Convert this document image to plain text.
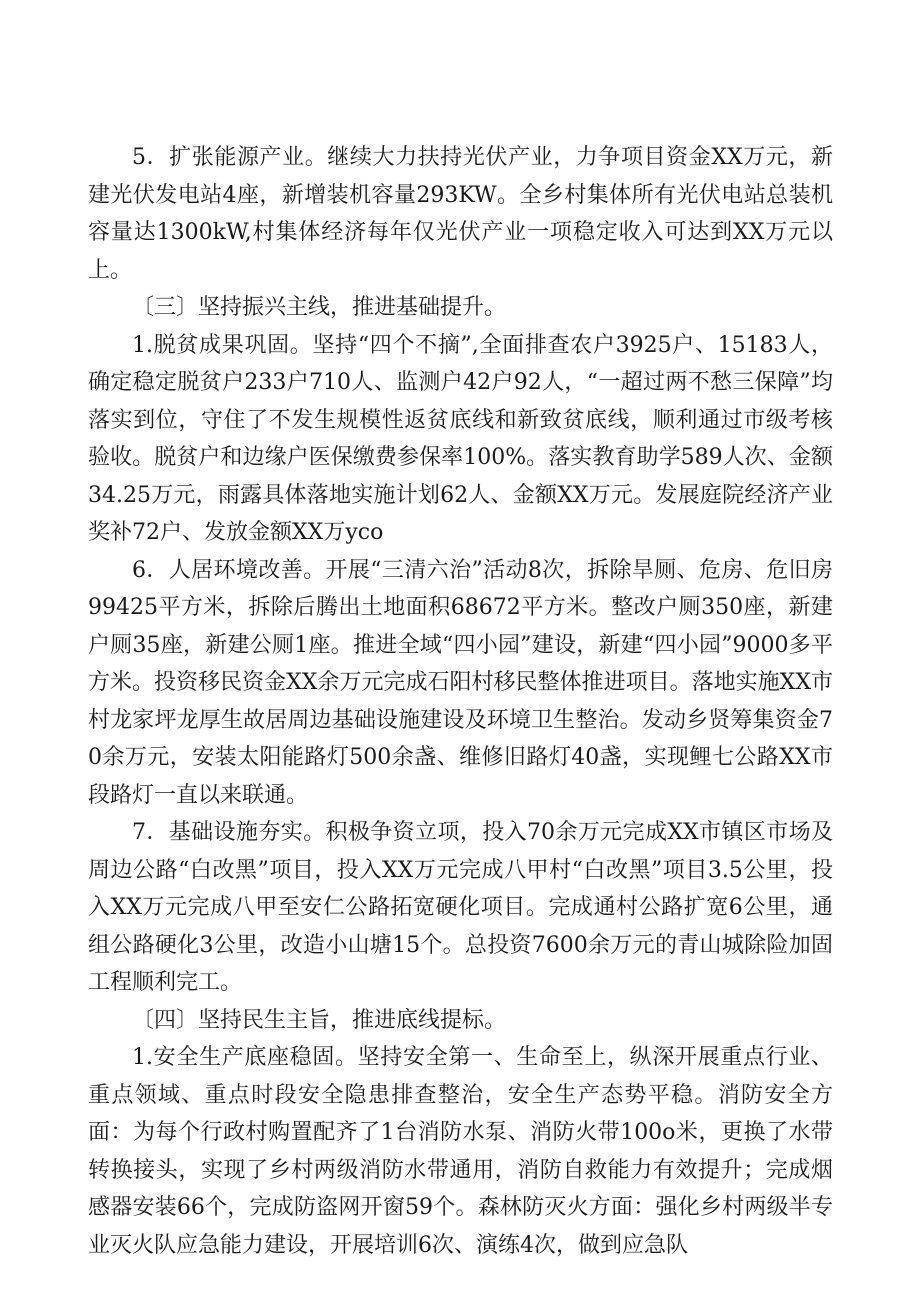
5．扩张能源产业。继续大力扶持光伏产业，力争项目资金XX万元，新建光伏发电站4座，新增装机容量293KW。全乡村集体所有光伏电站总装机容量达1300kW,村集体经济每年仅光伏产业一项稳定收入可达到XX万元以上。

〔三〕坚持振兴主线，推进基础提升。

1.脱贫成果巩固。坚持“四个不摘”,全面排查农户3925户、15183人，确定稳定脱贫户233户710人、监测户42户92人，“一超过两不愁三保障”均落实到位，守住了不发生规模性返贫底线和新致贫底线，顺利通过市级考核验收。脱贫户和边缘户医保缴费参保率100%。落实教育助学589人次、金额34.25万元，雨露具体落地实施计划62人、金额XX万元。发展庭院经济产业奖补72户、发放金额XX万yco

6．人居环境改善。开展“三清六治”活动8次，拆除旱厕、危房、危旧房99425平方米，拆除后腾出土地面积68672平方米。整改户厕350座，新建户厕35座，新建公厕1座。推进全域“四小园”建设，新建“四小园”9000多平方米。投资移民资金XX余万元完成石阳村移民整体推进项目。落地实施XX市村龙家坪龙厚生故居周边基础设施建设及环境卫生整治。发动乡贤筹集资金70余万元，安装太阳能路灯500余盏、维修旧路灯40盏，实现鲤七公路XX市段路灯一直以来联通。

7．基础设施夯实。积极争资立项，投入70余万元完成XX市镇区市场及周边公路“白改黑”项目，投入XX万元完成八甲村“白改黑”项目3.5公里，投入XX万元完成八甲至安仁公路拓宽硬化项目。完成通村公路扩宽6公里，通组公路硬化3公里，改造小山塘15个。总投资7600余万元的青山城除险加固工程顺利完工。

〔四〕坚持民生主旨，推进底线提标。

1.安全生产底座稳固。坚持安全第一、生命至上，纵深开展重点行业、重点领域、重点时段安全隐患排查整治，安全生产态势平稳。消防安全方面：为每个行政村购置配齐了1台消防水泵、消防火带100o米，更换了水带转换接头，实现了乡村两级消防水带通用，消防自救能力有效提升；完成烟感器安装66个，完成防盗网开窗59个。森林防灭火方面：强化乡村两级半专业灭火队应急能力建设，开展培训6次、演练4次，做到应急队
